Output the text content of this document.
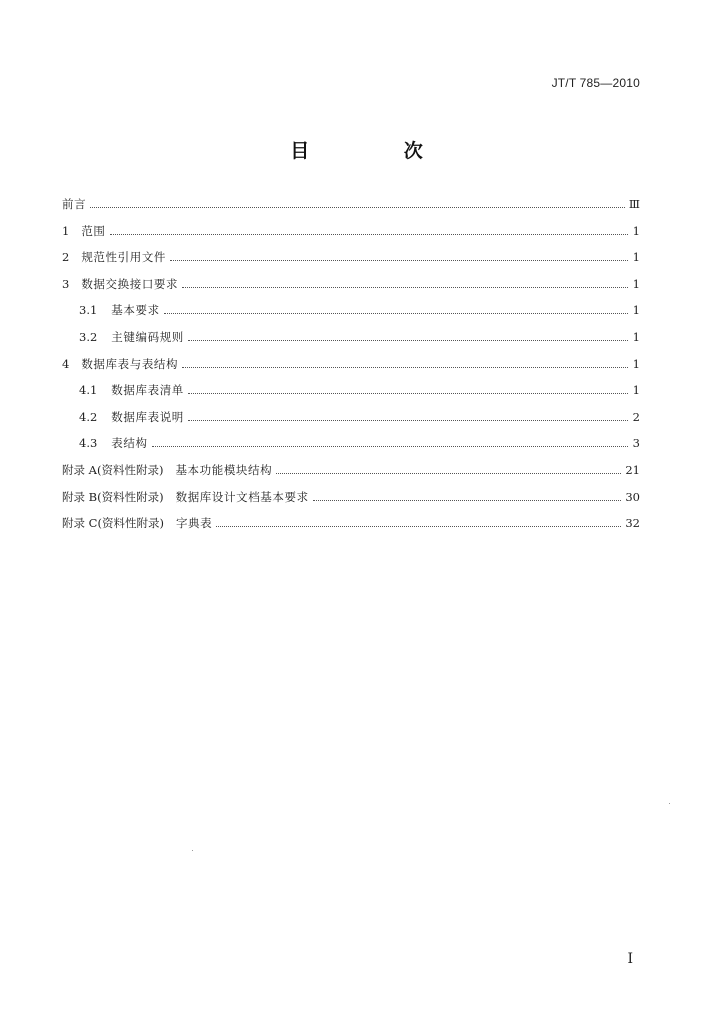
JT/T 785—2010
目 次
前言	Ⅲ
1 范围	1
2 规范性引用文件	1
3 数据交换接口要求	1
3.1 基本要求	1
3.2 主键编码规则	1
4 数据库表与表结构	1
4.1 数据库表清单	1
4.2 数据库表说明	2
4.3 表结构	3
附录 A(资料性附录) 基本功能模块结构	21
附录 B(资料性附录) 数据库设计文档基本要求	30
附录 C(资料性附录) 字典表	32
I
